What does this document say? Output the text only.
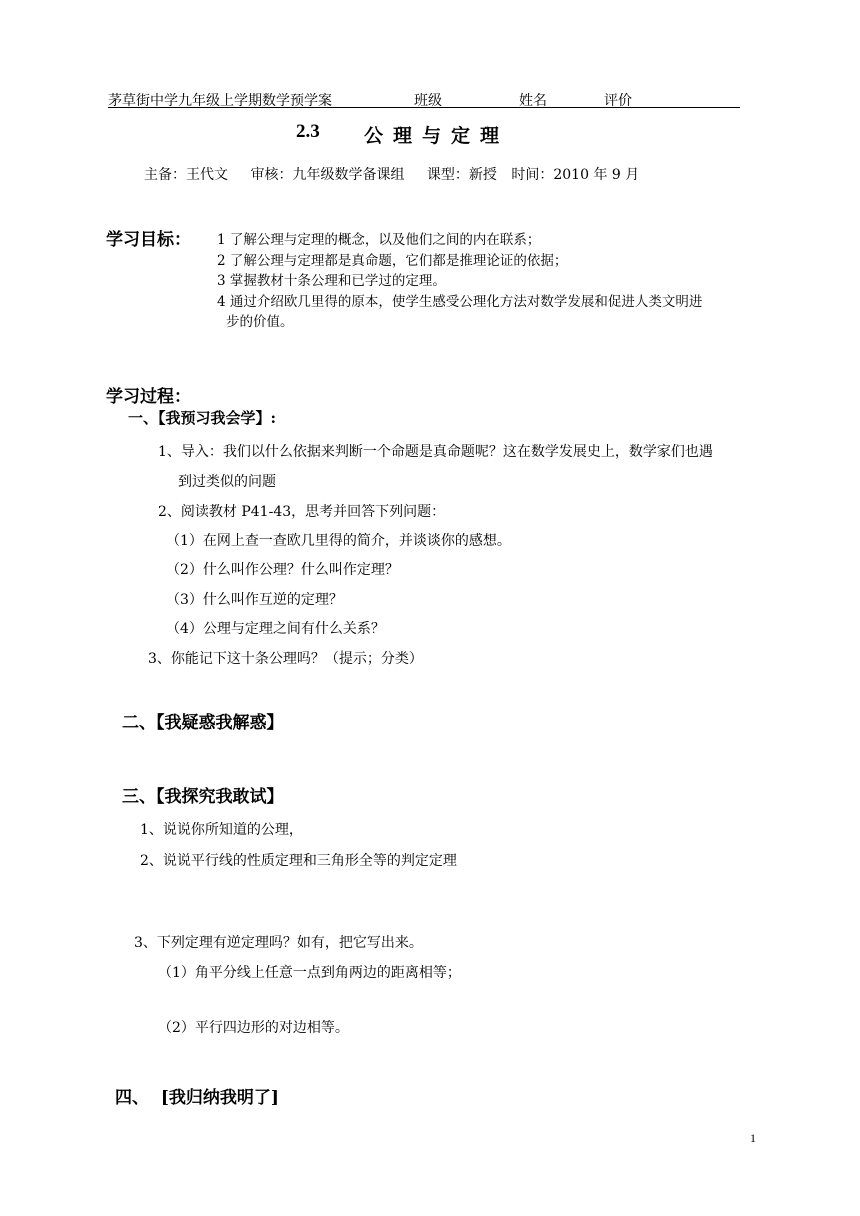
茅草街中学九年级上学期数学预学案	班级	姓名	评价
2.3 公理与定理
主备：王代文 审核：九年级数学备课组 课型：新授 时间：2010 年 9 月
学习目标： 1 了解公理与定理的概念，以及他们之间的内在联系；
2 了解公理与定理都是真命题，它们都是推理论证的依据；
3 掌握教材十条公理和已学过的定理。
4 通过介绍欧几里得的原本，使学生感受公理化方法对数学发展和促进人类文明进
步的价值。
学习过程：
一、【我预习我会学】:
1、导入：我们以什么依据来判断一个命题是真命题呢？这在数学发展史上，数学家们也遇
到过类似的问题
2、阅读教材 P41-43，思考并回答下列问题：
（1）在网上查一查欧几里得的简介，并谈谈你的感想。
（2）什么叫作公理？什么叫作定理？
（3）什么叫作互逆的定理？
（4）公理与定理之间有什么关系？
3、你能记下这十条公理吗？（提示；分类）
二、【我疑惑我解惑】
三、【我探究我敢试】
1、说说你所知道的公理，
2、说说平行线的性质定理和三角形全等的判定定理
3、下列定理有逆定理吗？如有，把它写出来。
（1）角平分线上任意一点到角两边的距离相等；
（2）平行四边形的对边相等。
四、  [我归纳我明了]
1
